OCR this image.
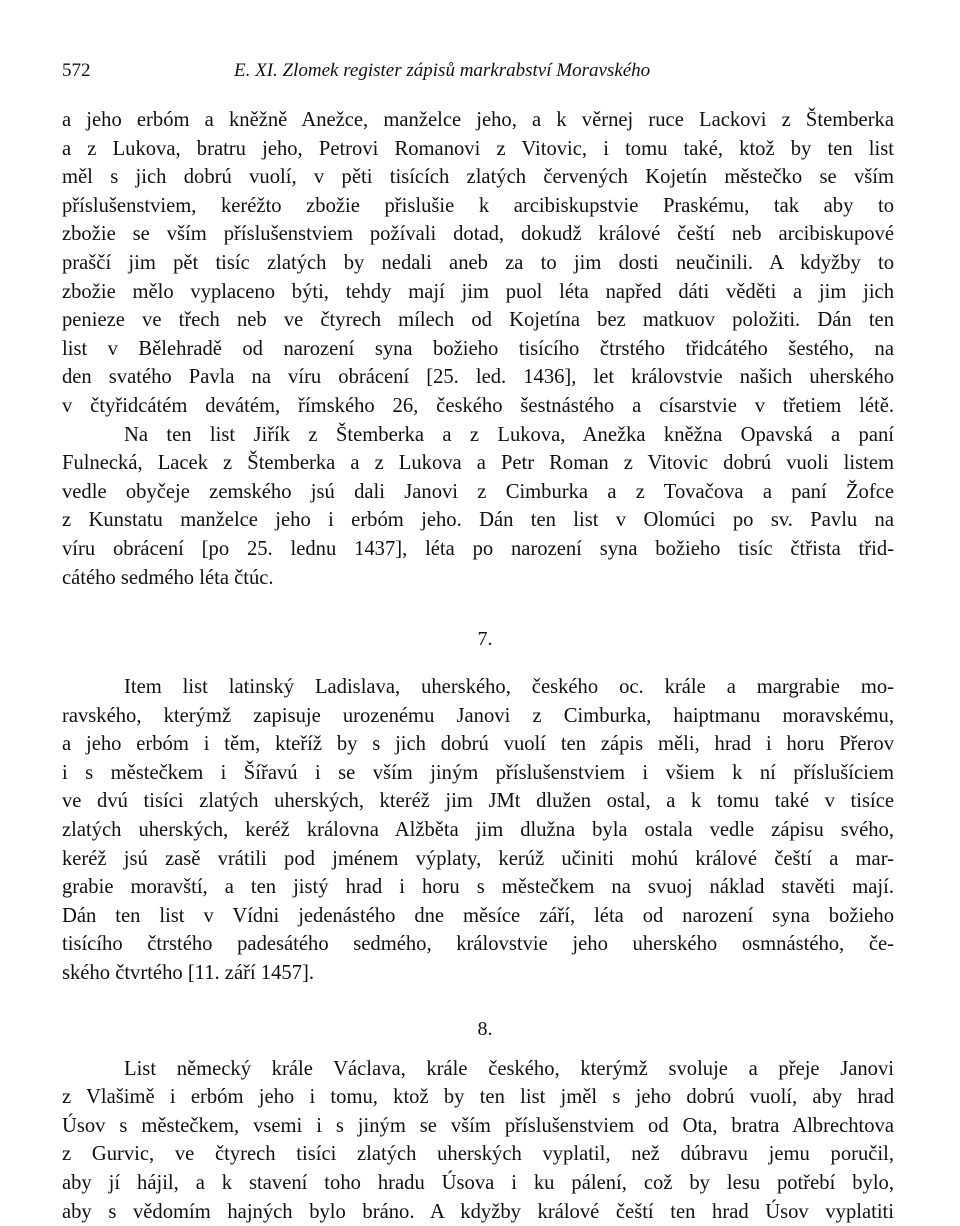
572	E. XI. Zlomek register zápisů markrabství Moravského
a jeho erbóm a kněžně Anežce, manželce jeho, a k věrnej ruce Lackovi z Štemberka
a z Lukova, bratru jeho, Petrovi Romanovi z Vitovic, i tomu také, ktož by ten list
měl s jich dobrú vuolí, v pěti tisících zlatých červených Kojetín městečko se vším
příslušenstviem, keréžto zbožie přislušie k arcibiskupstvie Praskému, tak aby to
zbožie se vším příslušenstviem požívali dotad, dokudž králové čeští neb arcibiskupové
praščí jim pět tisíc zlatých by nedali aneb za to jim dosti neučinili. A kdyžby to
zbožie mělo vyplaceno býti, tehdy mají jim puol léta napřed dáti věděti a jim jich
penieze ve třech neb ve čtyrech mílech od Kojetína bez matkuov položiti. Dán ten
list v Bělehradě od narození syna božieho tisícího čtrstého třidcátého šestého, na
den svatého Pavla na víru obrácení [25. led. 1436], let královstvie našich uherského
v čtyřidcátém devátém, římského 26, českého šestnástého a císarstvie v třetiem létě.
Na ten list Jiřík z Štemberka a z Lukova, Anežka kněžna Opavská a paní
Fulnecká, Lacek z Štemberka a z Lukova a Petr Roman z Vitovic dobrú vuoli listem
vedle obyčeje zemského jsú dali Janovi z Cimburka a z Tovačova a paní Žofce
z Kunstatu manželce jeho i erbóm jeho. Dán ten list v Olomúci po sv. Pavlu na
víru obrácení [po 25. lednu 1437], léta po narození syna božieho tisíc čtřista třid-
cátého sedmého léta čtúc.
7.
Item list latinský Ladislava, uherského, českého oc. krále a margrabie mo-
ravského, kterýmž zapisuje urozenému Janovi z Cimburka, haiptmanu moravskému,
a jeho erbóm i těm, kteříž by s jich dobrú vuolí ten zápis měli, hrad i horu Přerov
i s městečkem i Šířavú i se vším jiným příslušenstviem i všiem k ní příslušíciem
ve dvú tisíci zlatých uherských, kteréž jim JMt dlužen ostal, a k tomu také v tisíce
zlatých uherských, keréž královna Alžběta jim dlužna byla ostala vedle zápisu svého,
keréž jsú zasě vrátili pod jménem výplaty, kerúž učiniti mohú králové čeští a mar-
grabie moravští, a ten jistý hrad i horu s městečkem na svuoj náklad stavěti mají.
Dán ten list v Vídni jedenástého dne měsíce září, léta od narození syna božieho
tisícího čtrstého padesátého sedmého, královstvie jeho uherského osmnástého, če-
ského čtvrtého [11. září 1457].
8.
List německý krále Václava, krále českého, kterýmž svoluje a přeje Janovi
z Vlašimě i erbóm jeho i tomu, ktož by ten list jměl s jeho dobrú vuolí, aby hrad
Úsov s městečkem, vsemi i s jiným se vším příslušenstviem od Ota, bratra Albrechtova
z Gurvic, ve čtyrech tisíci zlatých uherských vyplatil, než dúbravu jemu poručil,
aby jí hájil, a k stavení toho hradu Úsova i ku pálení, což by lesu potřebí bylo,
aby s vědomím hajných bylo bráno. A kdyžby králové čeští ten hrad Úsov vyplatiti
